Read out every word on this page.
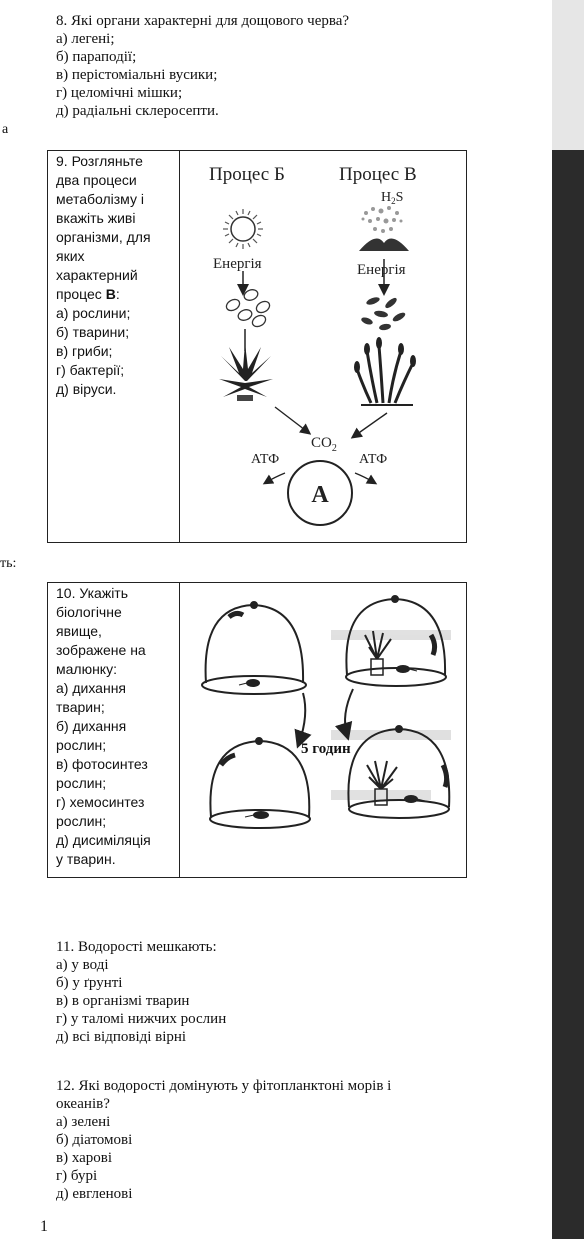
8. Які органи характерні для дощового черва?
а) легені;
б) параподії;
в) перістоміальні вусики;
г) целомічні мішки;
д) радіальні склеросепти.
а
ть:
9. Розгляньте
два процеси
метаболізму і
вкажіть живі
організми, для
яких
характерний
процес В:
а) рослини;
б) тварини;
в) гриби;
г) бактерії;
д) віруси.
Процес Б	Процес В
$H_2S$
Енергія	Енергія
$CO_2$
АТФ	АТФ
А
10. Укажіть
біологічне
явище,
зображене на
малюнку:
а) дихання
тварин;
б) дихання
рослин;
в) фотосинтез
рослин;
г) хемосинтез
рослин;
д) дисиміляція
у тварин.
5 годин
11. Водорості мешкають:
а) у воді
б) у ґрунті
в) в організмі тварин
г) у таломі нижчих рослин
д) всі відповіді вірні
12. Які водорості домінують у фітопланктоні морів і
океанів?
а) зелені
б) діатомові
в) харові
г) бурі
д) евгленові
1
